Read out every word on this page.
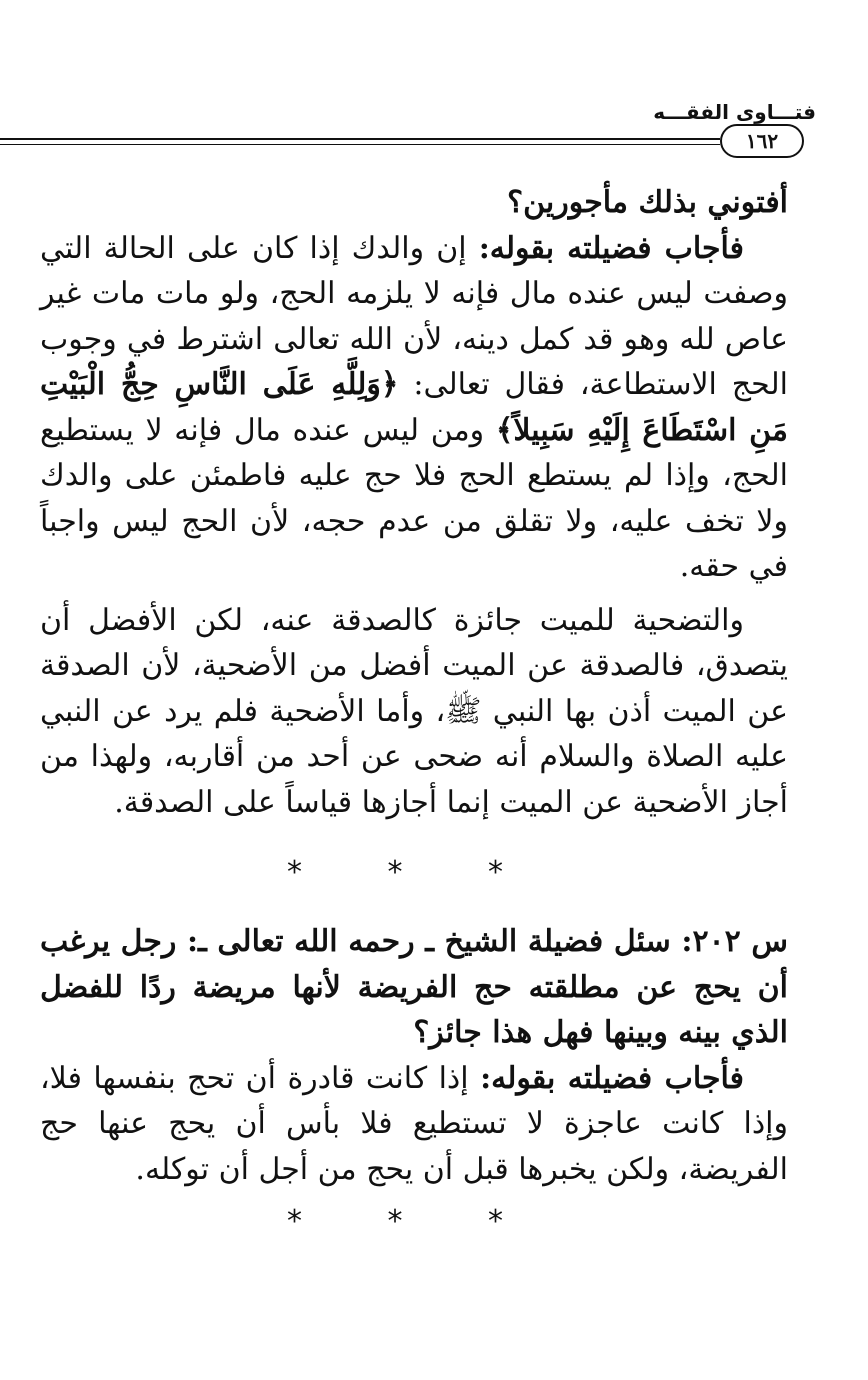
فتـــاوى الفقـــه
١٦٢

أفتوني بذلك مأجورين؟

فأجاب فضيلته بقوله: إن والدك إذا كان على الحالة التي وصفت ليس عنده مال فإنه لا يلزمه الحج، ولو مات مات غير عاص لله وهو قد كمل دينه، لأن الله تعالى اشترط في وجوب الحج الاستطاعة، فقال تعالى: ﴿وَلِلَّهِ عَلَى النَّاسِ حِجُّ الْبَيْتِ مَنِ اسْتَطَاعَ إِلَيْهِ سَبِيلاً﴾ ومن ليس عنده مال فإنه لا يستطيع الحج، وإذا لم يستطع الحج فلا حج عليه فاطمئن على والدك ولا تخف عليه، ولا تقلق من عدم حجه، لأن الحج ليس واجباً في حقه.

والتضحية للميت جائزة كالصدقة عنه، لكن الأفضل أن يتصدق، فالصدقة عن الميت أفضل من الأضحية، لأن الصدقة عن الميت أذن بها النبي ﷺ، وأما الأضحية فلم يرد عن النبي عليه الصلاة والسلام أنه ضحى عن أحد من أقاربه، ولهذا من أجاز الأضحية عن الميت إنما أجازها قياساً على الصدقة.

* * *

س ٢٠٢: سئل فضيلة الشيخ ـ رحمه الله تعالى ـ: رجل يرغب أن يحج عن مطلقته حج الفريضة لأنها مريضة ردًا للفضل الذي بينه وبينها فهل هذا جائز؟

فأجاب فضيلته بقوله: إذا كانت قادرة أن تحج بنفسها فلا، وإذا كانت عاجزة لا تستطيع فلا بأس أن يحج عنها حج الفريضة، ولكن يخبرها قبل أن يحج من أجل أن توكله.

* * *
